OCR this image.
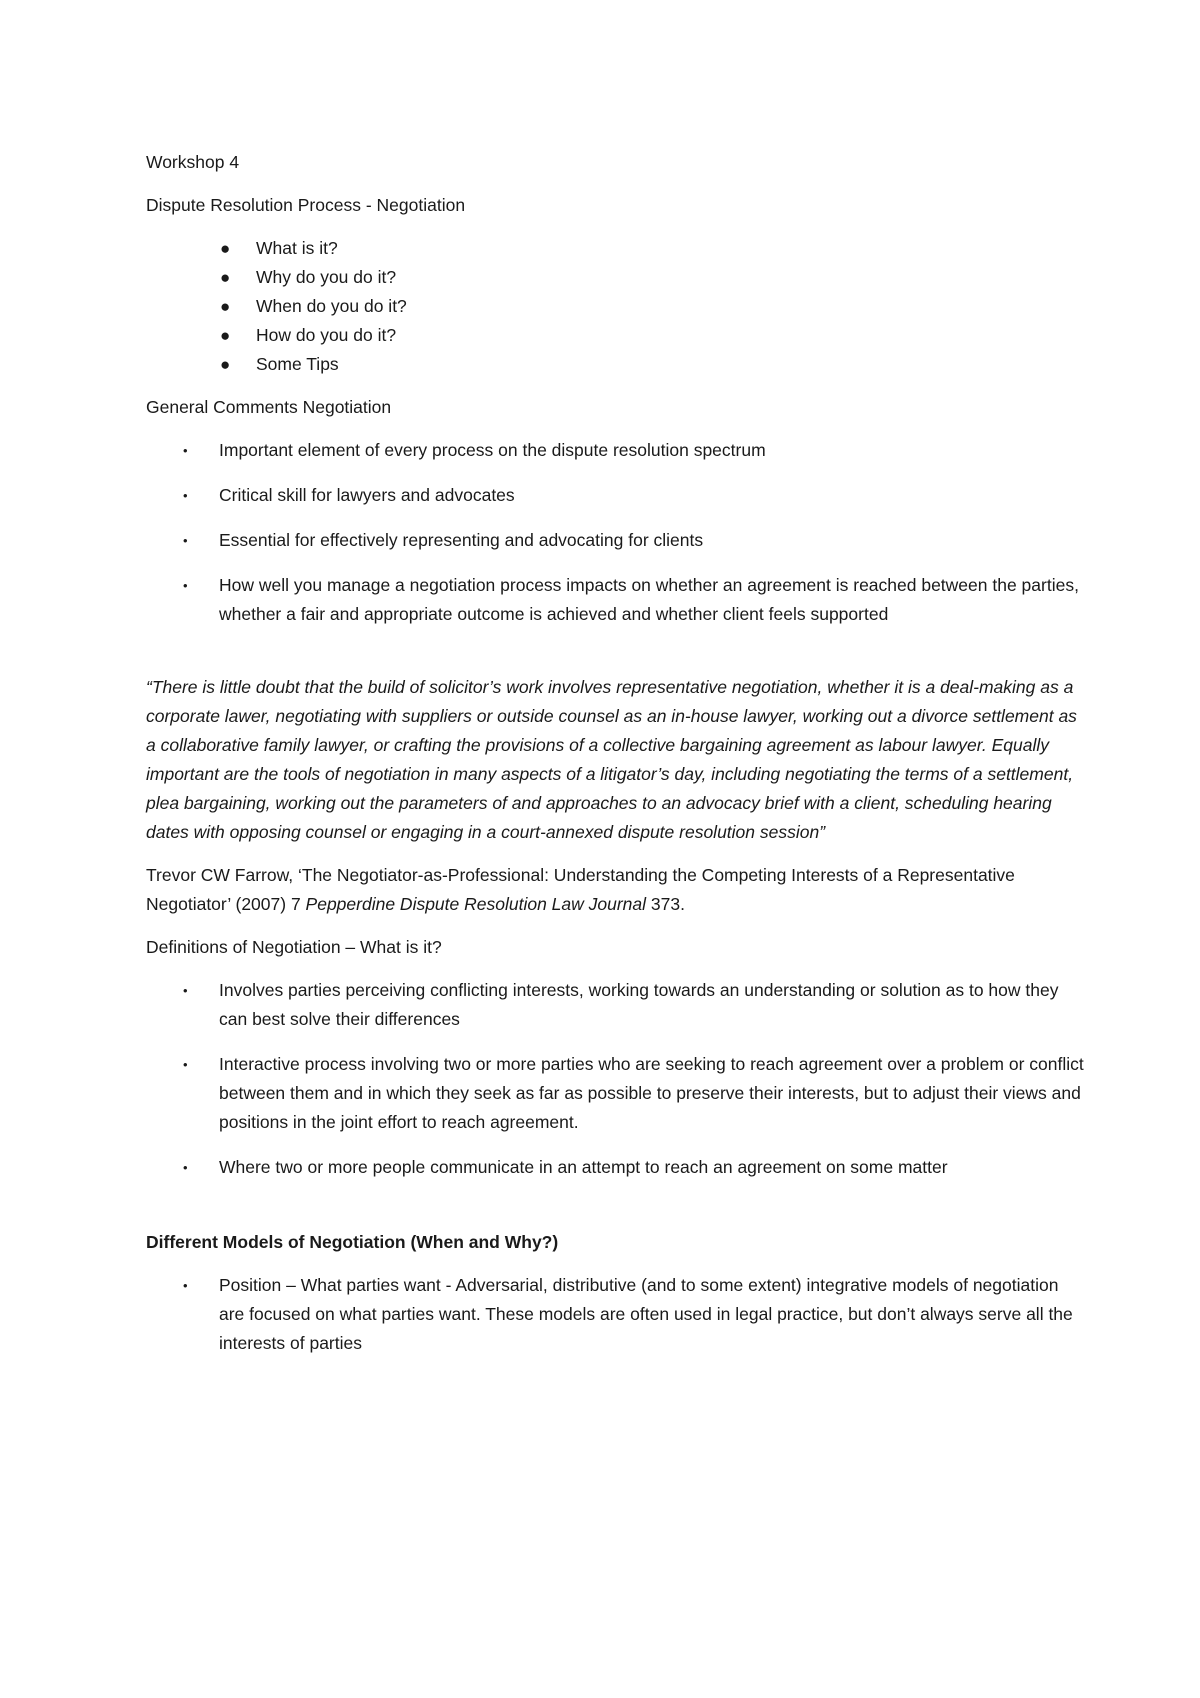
Workshop 4

Dispute Resolution Process - Negotiation

● What is it?
● Why do you do it?
● When do you do it?
● How do you do it?
● Some Tips

General Comments Negotiation

• Important element of every process on the dispute resolution spectrum
• Critical skill for lawyers and advocates
• Essential for effectively representing and advocating for clients
• How well you manage a negotiation process impacts on whether an agreement is reached between the parties, whether a fair and appropriate outcome is achieved and whether client feels supported

“There is little doubt that the build of solicitor’s work involves representative negotiation, whether it is a deal-making as a corporate lawer, negotiating with suppliers or outside counsel as an in-house lawyer, working out a divorce settlement as a collaborative family lawyer, or crafting the provisions of a collective bargaining agreement as labour lawyer. Equally important are the tools of negotiation in many aspects of a litigator’s day, including negotiating the terms of a settlement, plea bargaining, working out the parameters of and approaches to an advocacy brief with a client, scheduling hearing dates with opposing counsel or engaging in a court-annexed dispute resolution session”

Trevor CW Farrow, ‘The Negotiator-as-Professional: Understanding the Competing Interests of a Representative Negotiator’ (2007) 7 Pepperdine Dispute Resolution Law Journal 373.

Definitions of Negotiation – What is it?

• Involves parties perceiving conflicting interests, working towards an understanding or solution as to how they can best solve their differences
• Interactive process involving two or more parties who are seeking to reach agreement over a problem or conflict between them and in which they seek as far as possible to preserve their interests, but to adjust their views and positions in the joint effort to reach agreement.
• Where two or more people communicate in an attempt to reach an agreement on some matter

Different Models of Negotiation (When and Why?)

• Position – What parties want - Adversarial, distributive (and to some extent) integrative models of negotiation are focused on what parties want. These models are often used in legal practice, but don’t always serve all the interests of parties
